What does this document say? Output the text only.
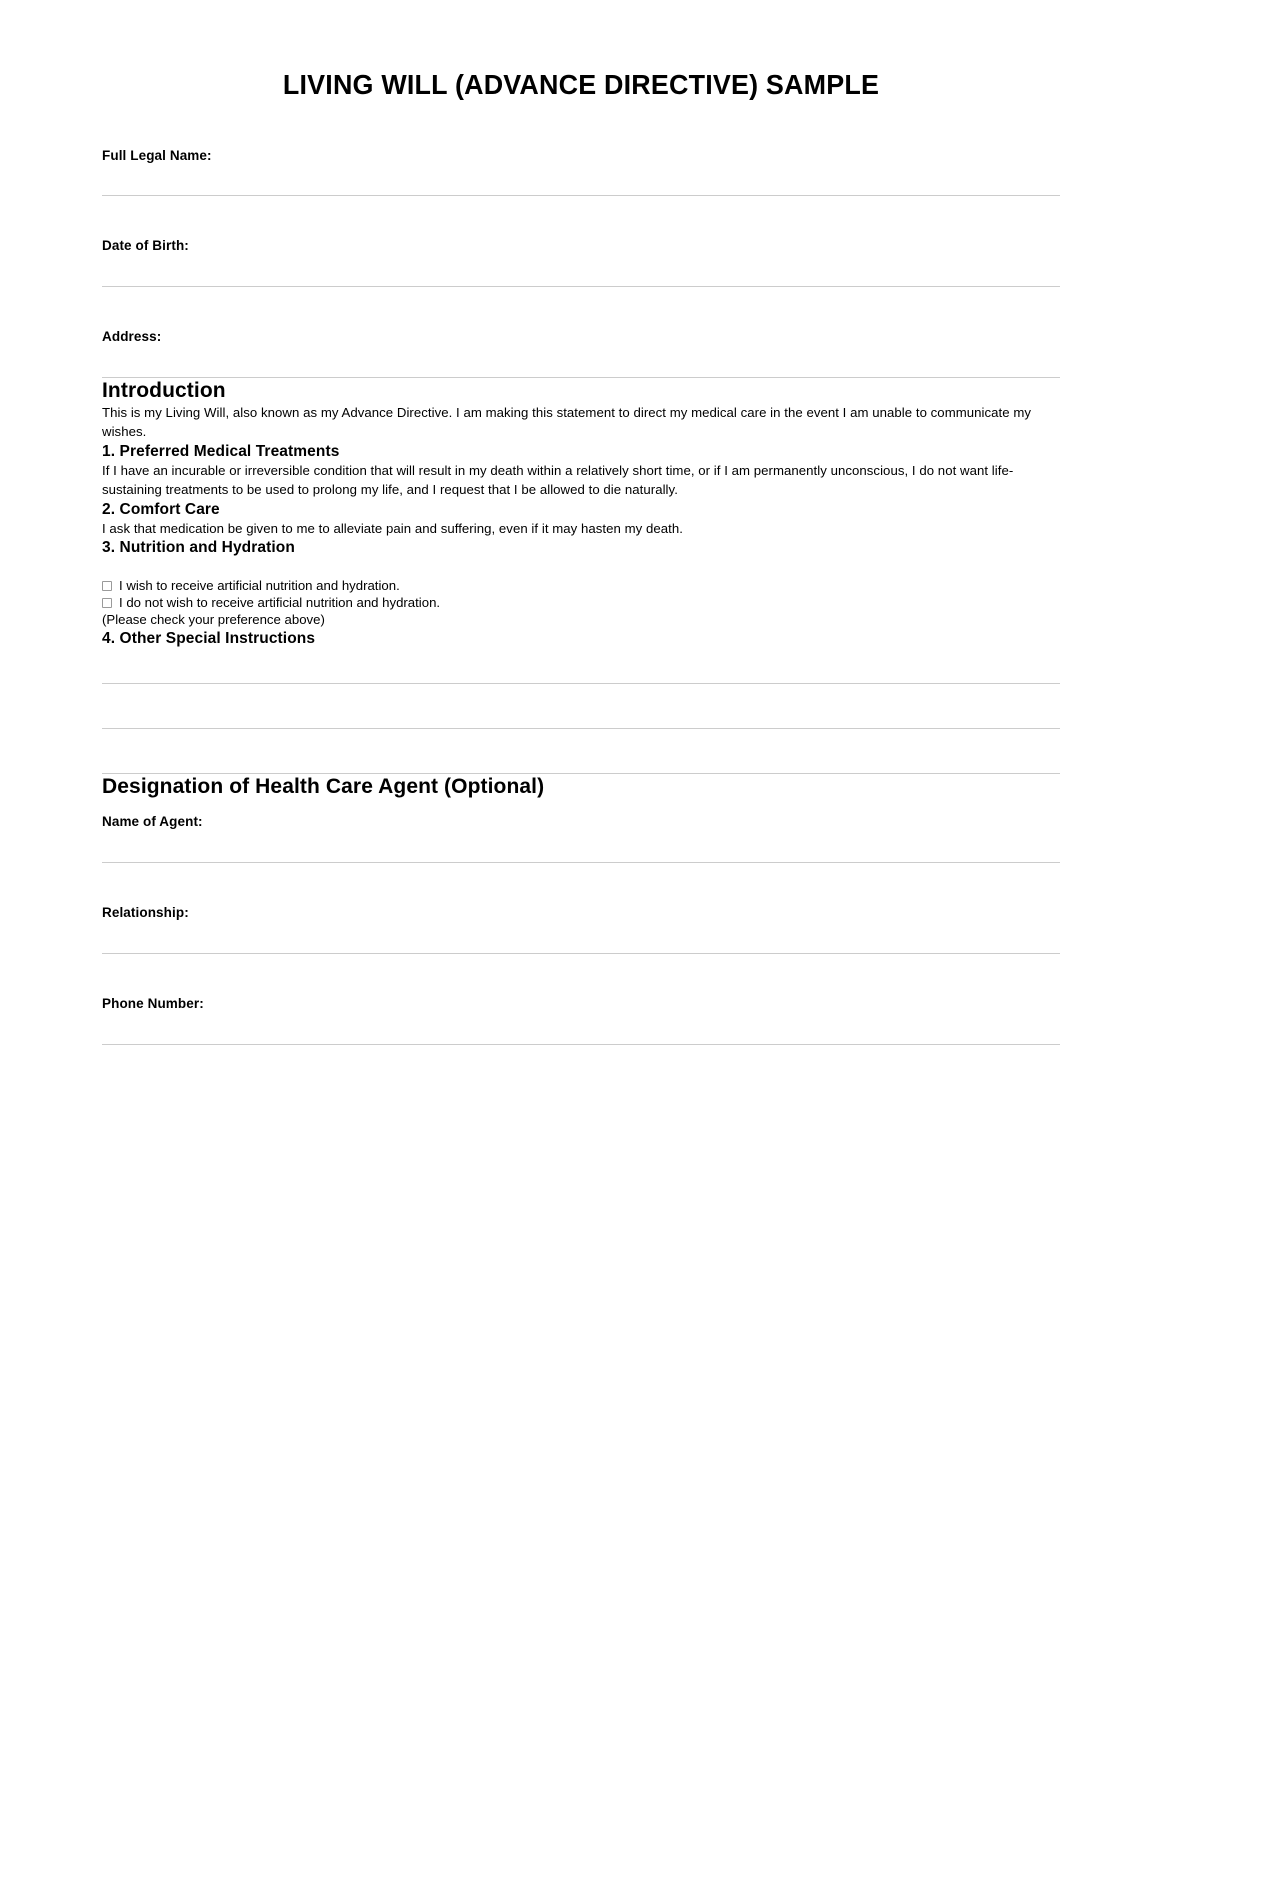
LIVING WILL (ADVANCE DIRECTIVE) SAMPLE
Full Legal Name:
Date of Birth:
Address:
Introduction

This is my Living Will, also known as my Advance Directive. I am making this statement to direct my medical care in the event I am unable to communicate my wishes.

1. Preferred Medical Treatments

If I have an incurable or irreversible condition that will result in my death within a relatively short time, or if I am permanently unconscious, I do not want life-sustaining treatments to be used to prolong my life, and I request that I be allowed to die naturally.

2. Comfort Care

I ask that medication be given to me to alleviate pain and suffering, even if it may hasten my death.

3. Nutrition and Hydration
I wish to receive artificial nutrition and hydration.
I do not wish to receive artificial nutrition and hydration.
(Please check your preference above)
4. Other Special Instructions
Designation of Health Care Agent (Optional)
Name of Agent:
Relationship:
Phone Number:
